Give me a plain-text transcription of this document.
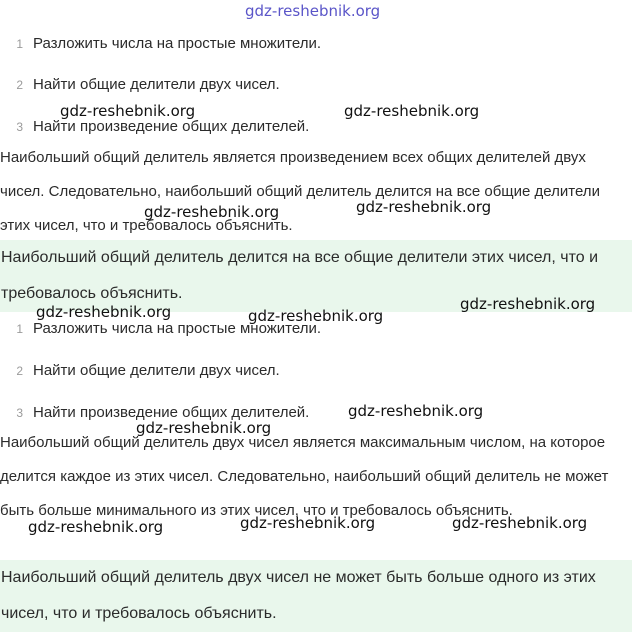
1 Разложить числа на простые множители.
2 Найти общие делители двух чисел.
3 Найти произведение общих делителей.

Наибольший общий делитель является произведением всех общих делителей двух чисел. Следовательно, наибольший общий делитель делится на все общие делители этих чисел, что и требовалось объяснить.

Наибольший общий делитель делится на все общие делители этих чисел, что и требовалось объяснить.

1 Разложить числа на простые множители.
2 Найти общие делители двух чисел.
3 Найти произведение общих делителей.

Наибольший общий делитель двух чисел является максимальным числом, на которое делится каждое из этих чисел. Следовательно, наибольший общий делитель не может быть больше минимального из этих чисел, что и требовалось объяснить.

Наибольший общий делитель двух чисел не может быть больше одного из этих чисел, что и требовалось объяснить.

gdz-reshebnik.org
gdz-reshebnik.org	gdz-reshebnik.org
gdz-reshebnik.org
gdz-reshebnik.org
gdz-reshebnik.org
gdz-reshebnik.org	gdz-reshebnik.org
gdz-reshebnik.org
gdz-reshebnik.org
gdz-reshebnik.org	gdz-reshebnik.org
gdz-reshebnik.org
